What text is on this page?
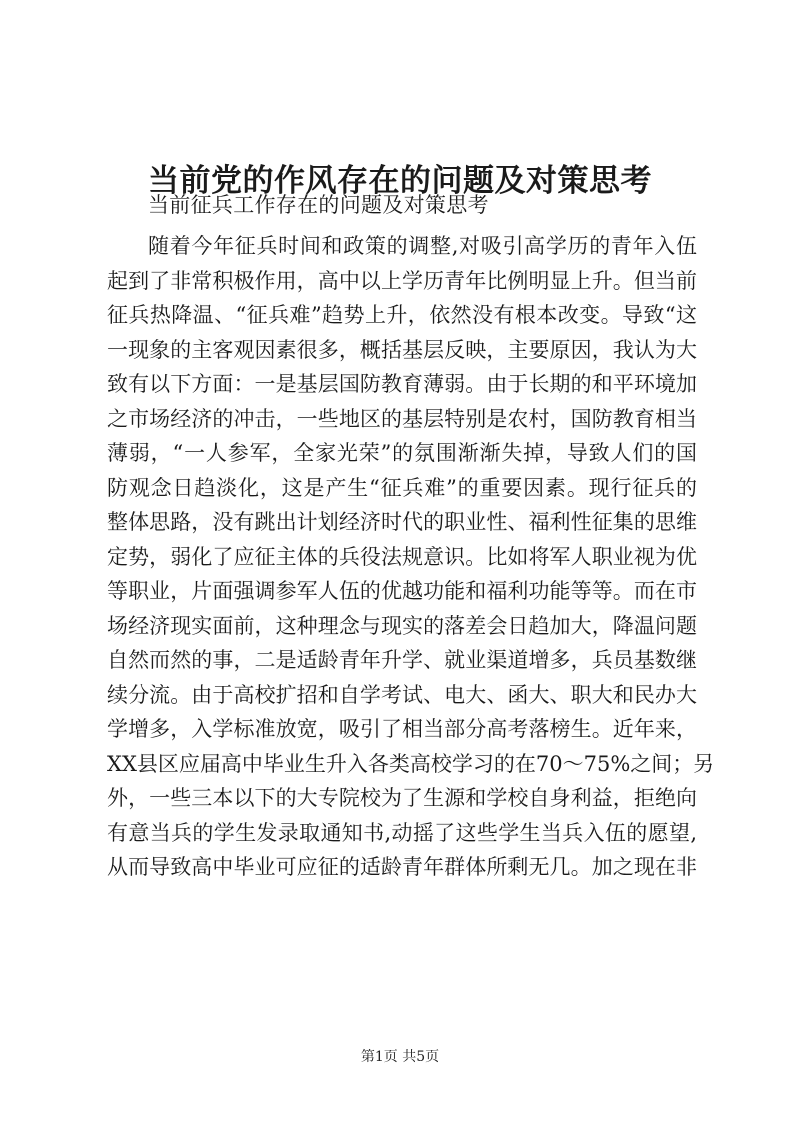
当前党的作风存在的问题及对策思考
当前征兵工作存在的问题及对策思考
随着今年征兵时间和政策的调整,对吸引高学历的青年入伍
起到了非常积极作用，高中以上学历青年比例明显上升。但当前
征兵热降温、“征兵难”趋势上升，依然没有根本改变。导致“这
一现象的主客观因素很多，概括基层反映，主要原因，我认为大
致有以下方面：一是基层国防教育薄弱。由于长期的和平环境加
之市场经济的冲击，一些地区的基层特别是农村，国防教育相当
薄弱，“一人参军，全家光荣”的氛围渐渐失掉，导致人们的国
防观念日趋淡化，这是产生“征兵难”的重要因素。现行征兵的
整体思路，没有跳出计划经济时代的职业性、福利性征集的思维
定势，弱化了应征主体的兵役法规意识。比如将军人职业视为优
等职业，片面强调参军人伍的优越功能和福利功能等等。而在市
场经济现实面前，这种理念与现实的落差会日趋加大，降温问题
自然而然的事，二是适龄青年升学、就业渠道增多，兵员基数继
续分流。由于高校扩招和自学考试、电大、函大、职大和民办大
学增多，入学标准放宽，吸引了相当部分高考落榜生。近年来，
XX县区应届高中毕业生升入各类高校学习的在70～75%之间；另
外，一些三本以下的大专院校为了生源和学校自身利益，拒绝向
有意当兵的学生发录取通知书,动摇了这些学生当兵入伍的愿望,
从而导致高中毕业可应征的适龄青年群体所剩无几。加之现在非
第1页 共5页
